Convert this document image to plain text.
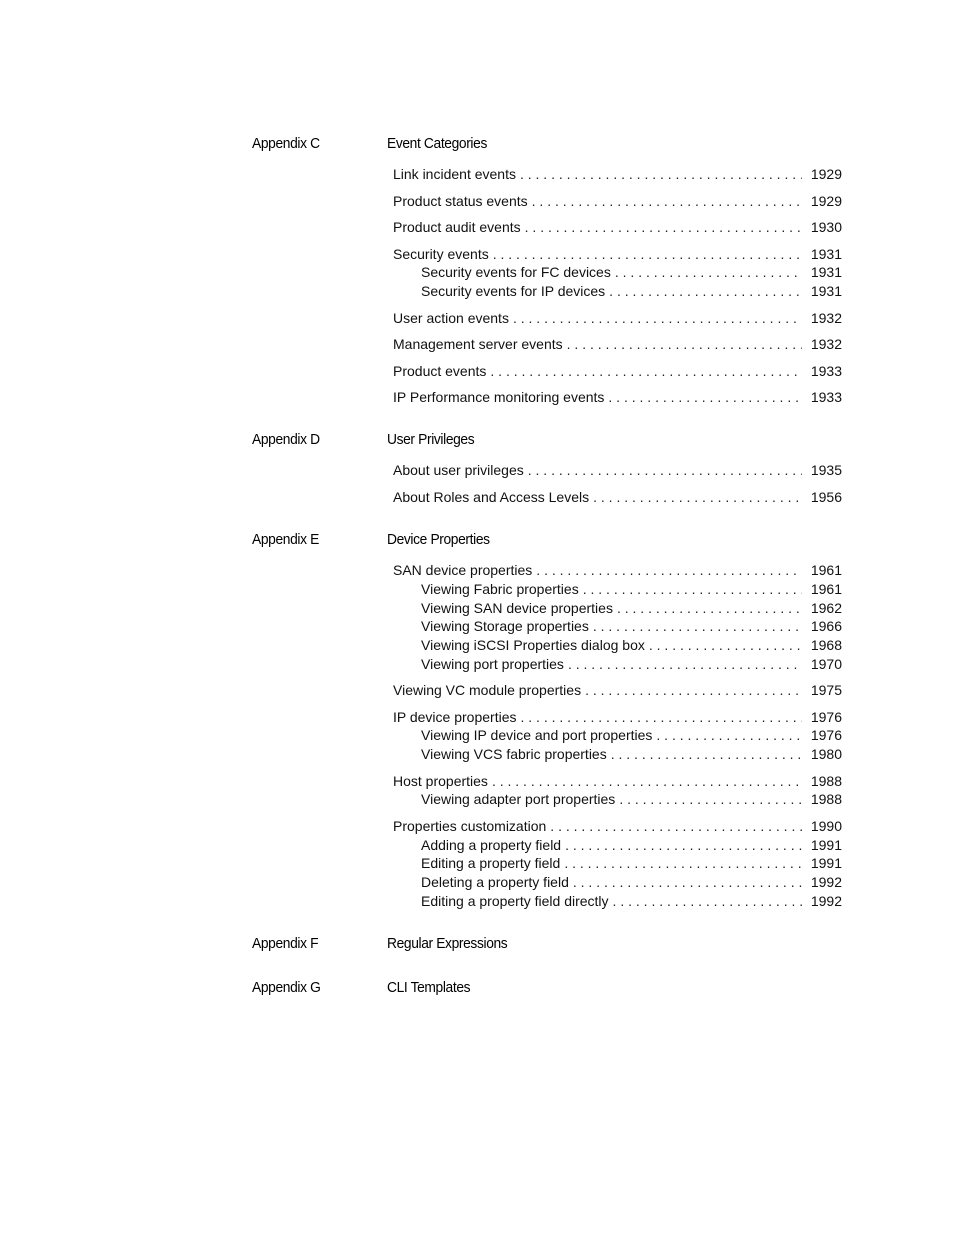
Appendix C	Event Categories
Link incident events . . .	1929
Product status events . . .	1929
Product audit events . . .	1930
Security events . . .	1931
Security events for FC devices . . .	1931
Security events for IP devices . . .	1931
User action events . . .	1932
Management server events . . .	1932
Product events . . .	1933
IP Performance monitoring events . . .	1933
Appendix D	User Privileges
About user privileges . . .	1935
About Roles and Access Levels . . .	1956
Appendix E	Device Properties
SAN device properties . . .	1961
Viewing Fabric properties . . .	1961
Viewing SAN device properties . . .	1962
Viewing Storage properties . . .	1966
Viewing iSCSI Properties dialog box . . .	1968
Viewing port properties . . .	1970
Viewing VC module properties . . .	1975
IP device properties . . .	1976
Viewing IP device and port properties . . .	1976
Viewing VCS fabric properties . . .	1980
Host properties . . .	1988
Viewing adapter port properties . . .	1988
Properties customization . . .	1990
Adding a property field . . .	1991
Editing a property field . . .	1991
Deleting a property field . . .	1992
Editing a property field directly . . .	1992
Appendix F	Regular Expressions
Appendix G	CLI Templates
